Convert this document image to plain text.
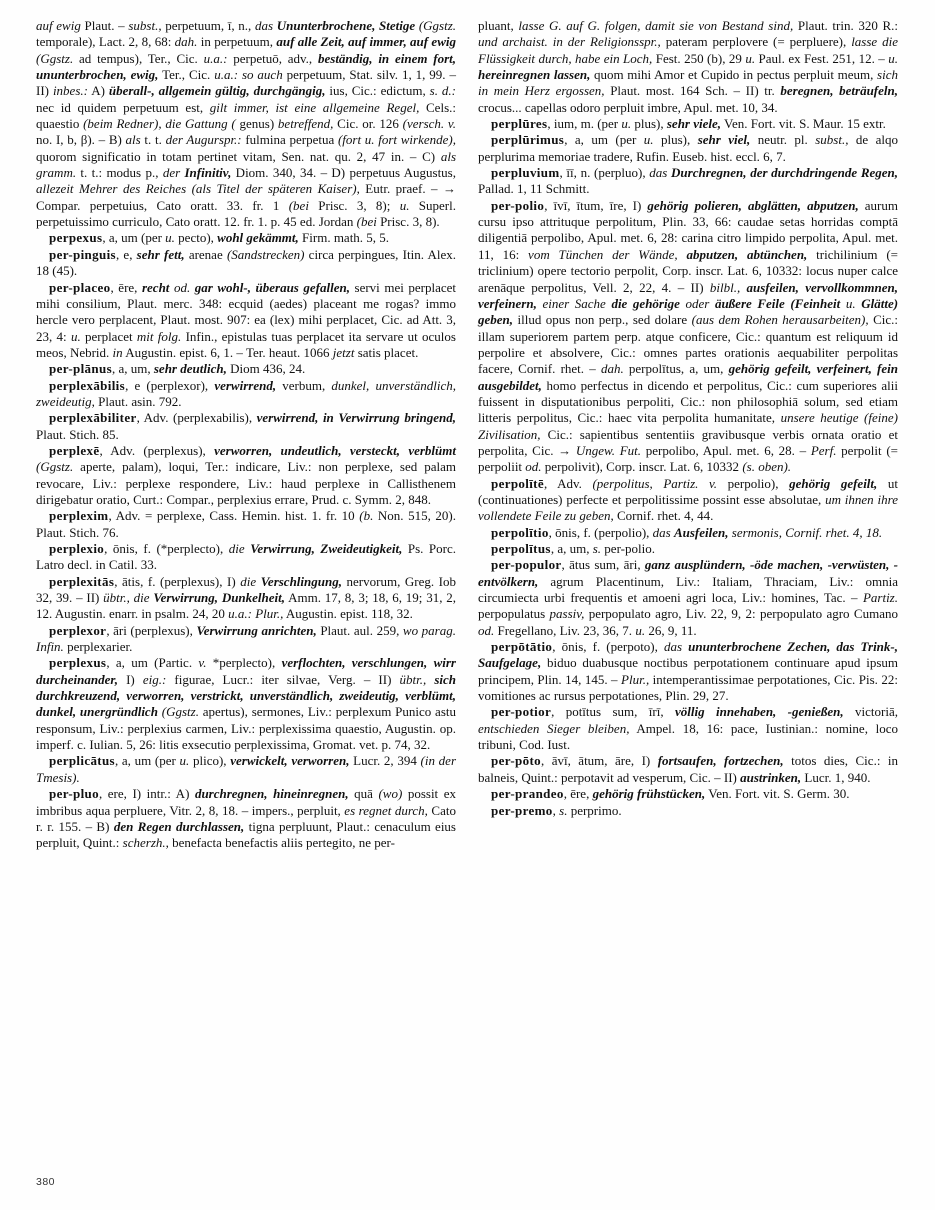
auf ewig Plaut. – subst., perpetuum, ī, n., das Ununterbrochene, Stetige (Ggstz. temporale), Lact. 2, 8, 68: dah. in perpetuum, auf alle Zeit, auf immer, auf ewig (Ggstz. ad tempus), Ter., Cic. u.a.: perpetuō, adv., beständig, in einem fort, ununterbrochen, ewig, Ter., Cic. u.a.: so auch perpetuum, Stat. silv. 1, 1, 99. – II) inbes.: A) überall-, allgemein gültig, durchgängig, ius, Cic.: edictum, s. d.: nec id quidem perpetuum est, gilt immer, ist eine allgemeine Regel, Cels.: quaestio (beim Redner), die Gattung ( genus) betreffend, Cic. or. 126 (versch. v. no. I, b, β). – B) als t. t. der Augurspr.: fulmina perpetua (fort u. fort wirkende), quorom significatio in totam pertinet vitam, Sen. nat. qu. 2, 47 in. – C) als gramm. t. t.: modus p., der Infinitiv, Diom. 340, 34. – D) perpetuus Augustus, allezeit Mehrer des Reiches (als Titel der späteren Kaiser), Eutr. praef. – → Compar. perpetuius, Cato oratt. 33. fr. 1 (bei Prisc. 3, 8); u. Superl. perpetuissimo curriculo, Cato oratt. 12. fr. 1. p. 45 ed. Jordan (bei Prisc. 3, 8).

perpexus, a, um (per u. pecto), wohl gekämmt, Firm. math. 5, 5.

per-pinguis, e, sehr fett, arenae (Sandstrecken) circa perpingues, Itin. Alex. 18 (45).

per-placeo, ēre, recht od. gar wohl-, überaus gefallen, servi mei perplacet mihi consilium, Plaut. merc. 348: ecquid (aedes) placeant me rogas? immo hercle vero perplacent, Plaut. most. 907: ea (lex) mihi perplacet, Cic. ad Att. 3, 23, 4: u. perplacet mit folg. Infin., epistulas tuas perplacet ita servare ut oculos meos, Nebrid. in Augustin. epist. 6, 1. – Ter. heaut. 1066 jetzt satis placet.

per-plānus, a, um, sehr deutlich, Diom 436, 24.

perplexābilis, e (perplexor), verwirrend, verbum, dunkel, unverständlich, zweideutig, Plaut. asin. 792.

perplexābiliter, Adv. (perplexabilis), verwirrend, in Verwirrung bringend, Plaut. Stich. 85.

perplexē, Adv. (perplexus), verworren, undeutlich, versteckt, verblümt (Ggstz. aperte, palam), loqui, Ter.: indicare, Liv.: non perplexe, sed palam revocare, Liv.: perplexe respondere, Liv.: haud perplexe in Callisthenem dirigebatur oratio, Curt.: Compar., perplexius errare, Prud. c. Symm. 2, 848.

perplexim, Adv. = perplexe, Cass. Hemin. hist. 1. fr. 10 (b. Non. 515, 20). Plaut. Stich. 76.

perplexio, ōnis, f. (*perplecto), die Verwirrung, Zweideutigkeit, Ps. Porc. Latro decl. in Catil. 33.

perplexitās, ātis, f. (perplexus), I) die Verschlingung, nervorum, Greg. Iob 32, 39. – II) übtr., die Verwirrung, Dunkelheit, Amm. 17, 8, 3; 18, 6, 19; 31, 2, 12. Augustin. enarr. in psalm. 24, 20 u.a.: Plur., Augustin. epist. 118, 32.

perplexor, āri (perplexus), Verwirrung anrichten, Plaut. aul. 259, wo parag. Infin. perplexarier.

perplexus, a, um (Partic. v. *perplecto), verflochten, verschlungen, wirr durcheinander, I) eig.: figurae, Lucr.: iter silvae, Verg. – II) übtr., sich durchkreuzend, verworren, verstrickt, unverständlich, zweideutig, verblümt, dunkel, unergründlich (Ggstz. apertus), sermones, Liv.: perplexum Punico astu responsum, Liv.: perplexius carmen, Liv.: perplexissima quaestio, Augustin. op. imperf. c. Iulian. 5, 26: litis exsecutio perplexissima, Gromat. vet. p. 74, 32.

perplicātus, a, um (per u. plico), verwickelt, verworren, Lucr. 2, 394 (in der Tmesis).

per-pluo, ere, I) intr.: A) durchregnen, hineinregnen, quā (wo) possit ex imbribus aqua perpluere, Vitr. 2, 8, 18. – impers., perpluit, es regnet durch, Cato r. r. 155. – B) den Regen durchlassen, tigna perpluunt, Plaut.: cenaculum eius perpluit, Quint.: scherzh., benefacta benefactis aliis pertegito, ne per-

pluant, lasse G. auf G. folgen, damit sie von Bestand sind, Plaut. trin. 320 R.: und archaist. in der Religionsspr., pateram perplovere (= perpluere), lasse die Flüssigkeit durch, habe ein Loch, Fest. 250 (b), 29 u. Paul. ex Fest. 251, 12. – u. hereinregnen lassen, quom mihi Amor et Cupido in pectus perpluit meum, sich in mein Herz ergossen, Plaut. most. 164 Sch. – II) tr. beregnen, beträufeln, crocus... capellas odoro perpluit imbre, Apul. met. 10, 34.

perplūres, ium, m. (per u. plus), sehr viele, Ven. Fort. vit. S. Maur. 15 extr.

perplūrimus, a, um (per u. plus), sehr viel, neutr. pl. subst., de alqo perplurima memoriae tradere, Rufin. Euseb. hist. eccl. 6, 7.

perpluvium, īī, n. (perpluo), das Durchregnen, der durchdringende Regen, Pallad. 1, 11 Schmitt.

per-polio, īvī, ītum, īre, I) gehörig polieren, abglätten, abputzen, aurum cursu ipso attrituque perpolitum, Plin. 33, 66: caudae setas horridas comptā diligentiā perpolibo, Apul. met. 6, 28: carina citro limpido perpolita, Apul. met. 11, 16: vom Tünchen der Wände, abputzen, abtünchen, trichilinium (= triclinium) opere tectorio perpolit, Corp. inscr. Lat. 6, 10332: locus nuper calce arenāque perpolitus, Vell. 2, 22, 4. – II) bilbl., ausfeilen, vervollkommnen, verfeinern, einer Sache die gehörige oder äußere Feile (Feinheit u. Glätte) geben, illud opus non perp., sed dolare (aus dem Rohen herausarbeiten), Cic.: illam superiorem partem perp. atque conficere, Cic.: quantum est reliquum id perpolire et absolvere, Cic.: omnes partes orationis aequabiliter perpolitas facere, Cornif. rhet. – dah. perpolītus, a, um, gehörig gefeilt, verfeinert, fein ausgebildet, homo perfectus in dicendo et perpolitus, Cic.: cum superiores alii fuissent in disputationibus perpoliti, Cic.: non philosophiā solum, sed etiam litteris perpolitus, Cic.: haec vita perpolita humanitate, unsere heutige (feine) Zivilisation, Cic.: sapientibus sententiis gravibusque verbis ornata oratio et perpolita, Cic. → Ungew. Fut. perpolibo, Apul. met. 6, 28. – Perf. perpolit (= perpoliit od. perpolivit), Corp. inscr. Lat. 6, 10332 (s. oben).

perpolītē, Adv. (perpolitus, Partiz. v. perpolio), gehörig gefeilt, ut (continuationes) perfecte et perpolitissime possint esse absolutae, um ihnen ihre vollendete Feile zu geben, Cornif. rhet. 4, 44.

perpolītio, ōnis, f. (perpolio), das Ausfeilen, sermonis, Cornif. rhet. 4, 18.

perpolītus, a, um, s. per-polio.

per-populor, ātus sum, āri, ganz ausplündern, -öde machen, -verwüsten, -entvölkern, agrum Placentinum, Liv.: Italiam, Thraciam, Liv.: omnia circumiecta urbi frequentis et amoeni agri loca, Liv.: homines, Tac. – Partiz. perpopulatus passiv, perpopulato agro, Liv. 22, 9, 2: perpopulato agro Cumano od. Fregellano, Liv. 23, 36, 7. u. 26, 9, 11.

perpōtātio, ōnis, f. (perpoto), das ununterbrochene Zechen, das Trink-, Saufgelage, biduo duabusque noctibus perpotationem continuare apud ipsum principem, Plin. 14, 145. – Plur., intemperantissimae perpotationes, Cic. Pis. 22: vomitiones ac rursus perpotationes, Plin. 29, 27.

per-potior, potītus sum, īrī, völlig innehaben, -genießen, victoriā, entschieden Sieger bleiben, Ampel. 18, 16: pace, Iustinian.: nomine, loco tribuni, Cod. Iust.

per-pōto, āvī, ātum, āre, I) fortsaufen, fortzechen, totos dies, Cic.: in balneis, Quint.: perpotavit ad vesperum, Cic. – II) austrinken, Lucr. 1, 940.

per-prandeo, ēre, gehörig frühstücken, Ven. Fort. vit. S. Germ. 30.

per-premo, s. perprimo.

380
